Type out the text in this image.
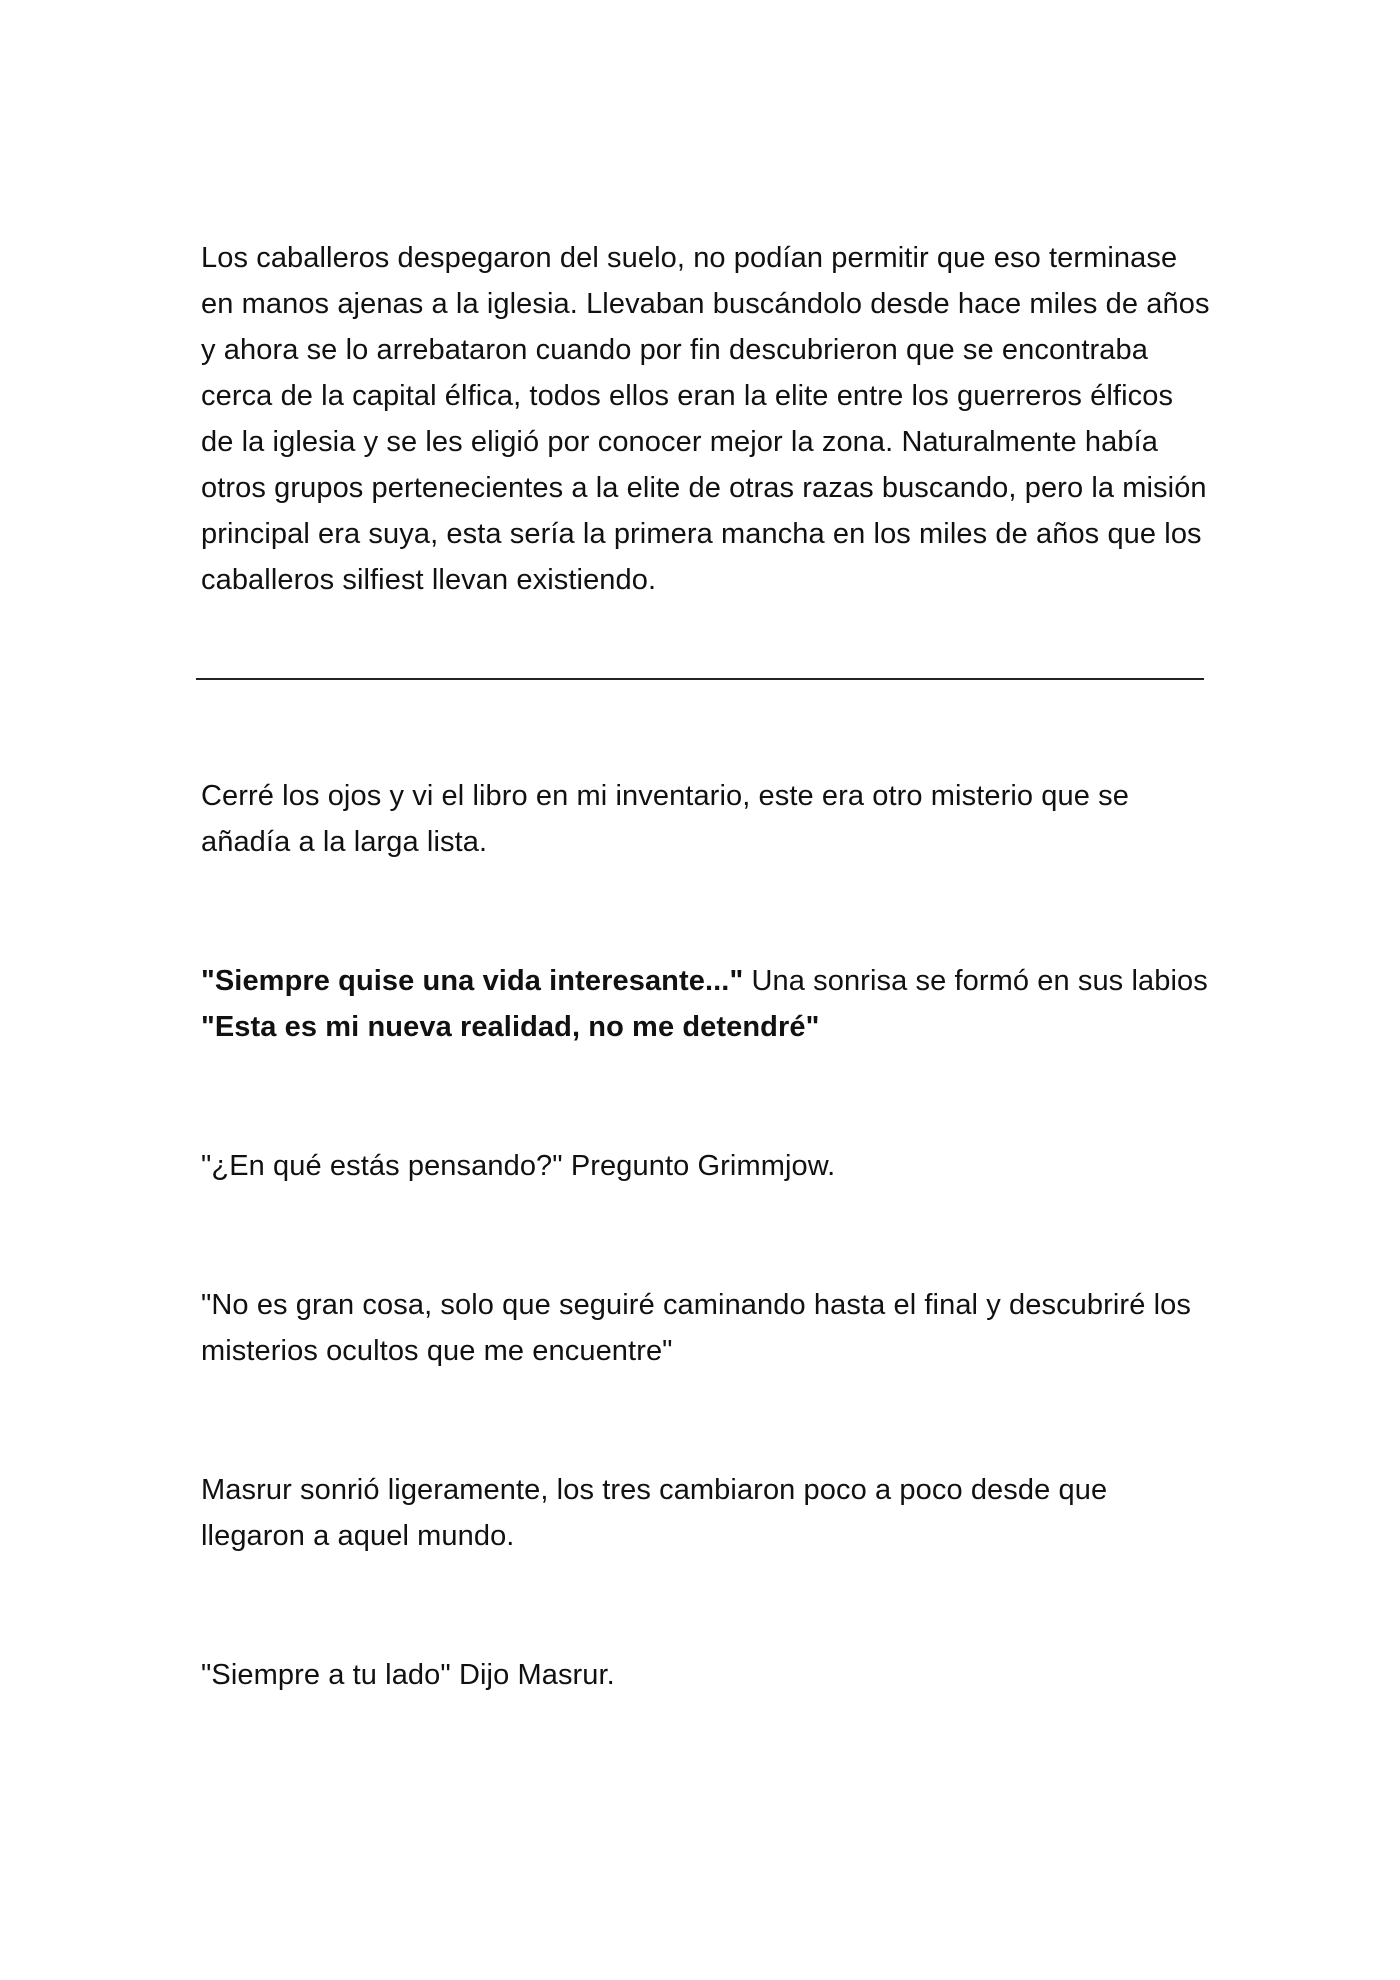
Los caballeros despegaron del suelo, no podían permitir que eso terminase en manos ajenas a la iglesia. Llevaban buscándolo desde hace miles de años y ahora se lo arrebataron cuando por fin descubrieron que se encontraba cerca de la capital élfica, todos ellos eran la elite entre los guerreros élficos de la iglesia y se les eligió por conocer mejor la zona. Naturalmente había otros grupos pertenecientes a la elite de otras razas buscando, pero la misión principal era suya, esta sería la primera mancha en los miles de años que los caballeros silfiest llevan existiendo.

Cerré los ojos y vi el libro en mi inventario, este era otro misterio que se añadía a la larga lista.

"Siempre quise una vida interesante..." Una sonrisa se formó en sus labios "Esta es mi nueva realidad, no me detendré"

"¿En qué estás pensando?" Pregunto Grimmjow.

"No es gran cosa, solo que seguiré caminando hasta el final y descubriré los misterios ocultos que me encuentre"

Masrur sonrió ligeramente, los tres cambiaron poco a poco desde que llegaron a aquel mundo.

"Siempre a tu lado" Dijo Masrur.
